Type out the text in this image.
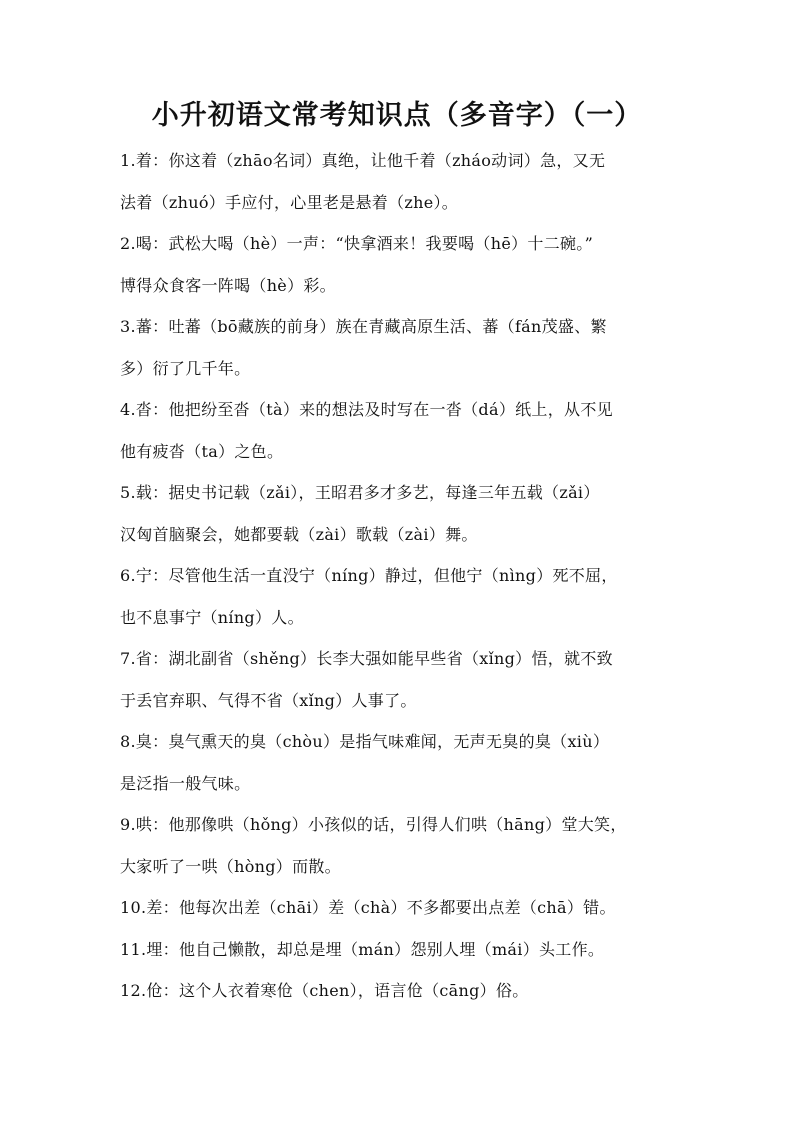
小升初语文常考知识点（多音字）（一）
1.着：你这着（zhāo名词）真绝，让他千着（zháo动词）急，又无
法着（zhuó）手应付，心里老是悬着（zhe）。
2.喝：武松大喝（hè）一声：“快拿酒来！我要喝（hē）十二碗。”
博得众食客一阵喝（hè）彩。
3.蕃：吐蕃（bō藏族的前身）族在青藏高原生活、蕃（fán茂盛、繁
多）衍了几千年。
4.沓：他把纷至沓（tà）来的想法及时写在一沓（dá）纸上，从不见
他有疲沓（ta）之色。
5.载：据史书记载（zǎi），王昭君多才多艺，每逢三年五载（zǎi）
汉匈首脑聚会，她都要载（zài）歌载（zài）舞。
6.宁：尽管他生活一直没宁（níng）静过，但他宁（nìng）死不屈，
也不息事宁（níng）人。
7.省：湖北副省（shěng）长李大强如能早些省（xǐng）悟，就不致
于丢官弃职、气得不省（xǐng）人事了。
8.臭：臭气熏天的臭（chòu）是指气味难闻，无声无臭的臭（xiù）
是泛指一般气味。
9.哄：他那像哄（hǒng）小孩似的话，引得人们哄（hāng）堂大笑，
大家听了一哄（hòng）而散。
10.差：他每次出差（chāi）差（chà）不多都要出点差（chā）错。
11.埋：他自己懒散，却总是埋（mán）怨别人埋（mái）头工作。
12.伧：这个人衣着寒伧（chen），语言伧（cāng）俗。
